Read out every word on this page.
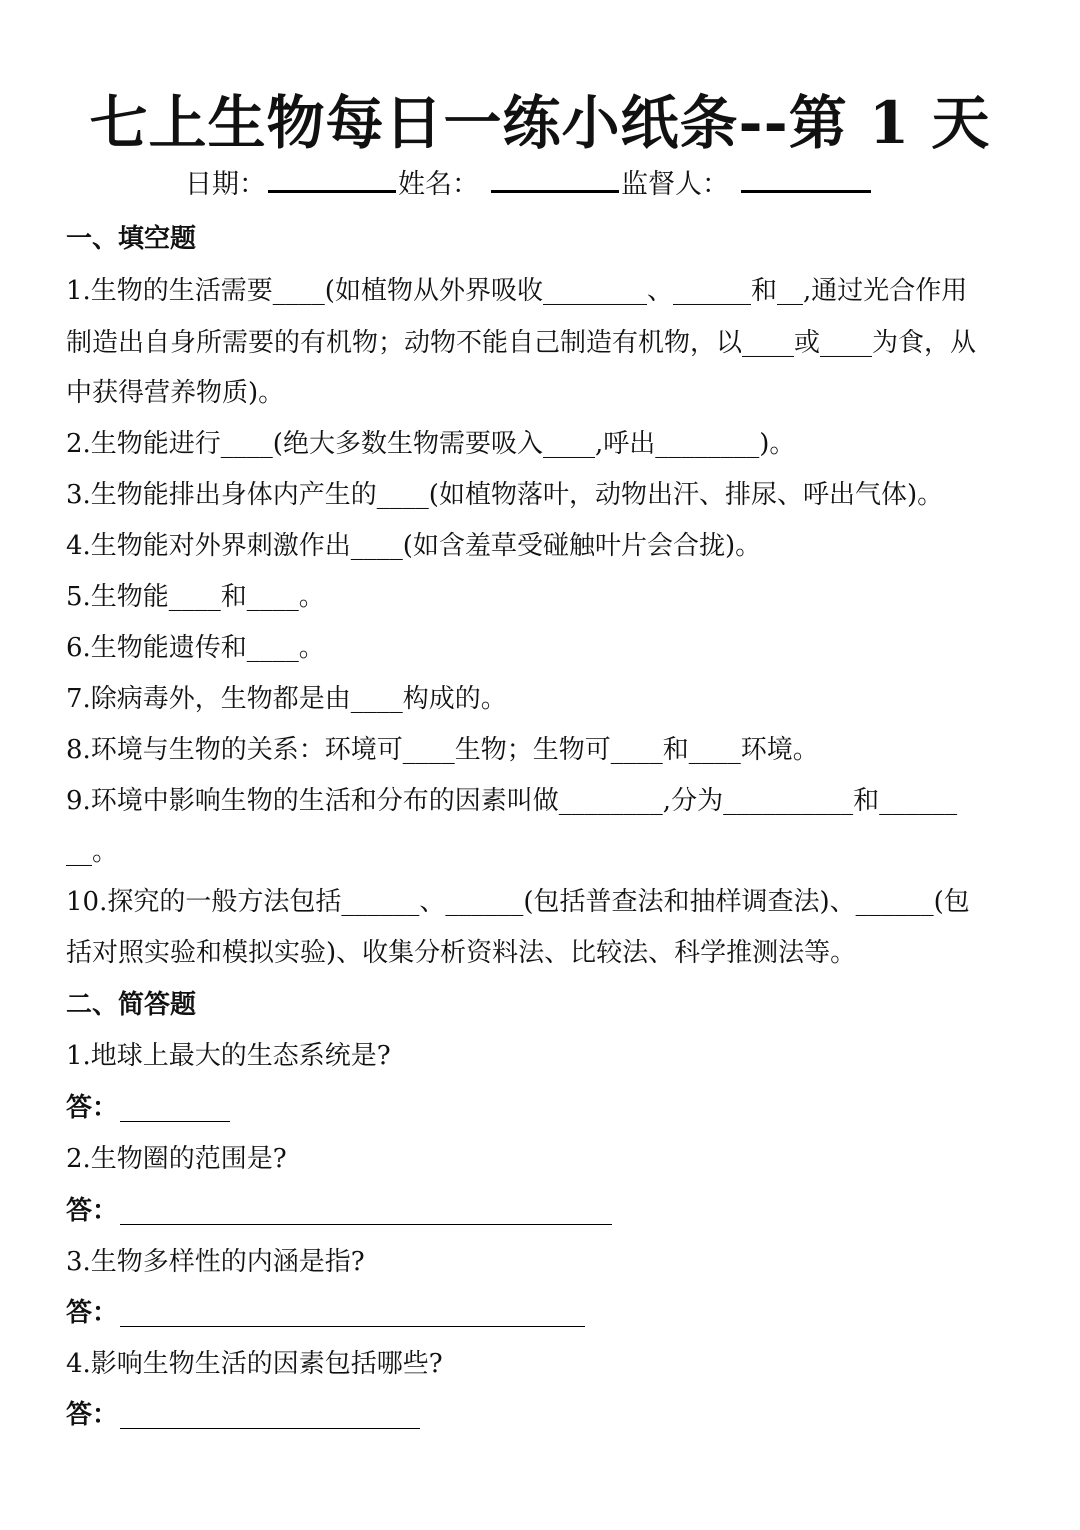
七上生物每日一练小纸条--第 1 天
日期：	姓名：	监督人：
一、填空题
1.生物的生活需要____(如植物从外界吸收________、______和__,通过光合作用
制造出自身所需要的有机物；动物不能自己制造有机物，以____或____为食，从
中获得营养物质)。
2.生物能进行____(绝大多数生物需要吸入____,呼出________)。
3.生物能排出身体内产生的____(如植物落叶，动物出汗、排尿、呼出气体)。
4.生物能对外界刺激作出____(如含羞草受碰触叶片会合拢)。
5.生物能____和____。
6.生物能遗传和____。
7.除病毒外，生物都是由____构成的。
8.环境与生物的关系：环境可____生物；生物可____和____环境。
9.环境中影响生物的生活和分布的因素叫做________,分为__________和______
__。
10.探究的一般方法包括______、______(包括普查法和抽样调查法)、______(包
括对照实验和模拟实验)、收集分析资料法、比较法、科学推测法等。
二、简答题
1.地球上最大的生态系统是?
答：
2.生物圈的范围是?
答：
3.生物多样性的内涵是指?
答：
4.影响生物生活的因素包括哪些?
答：
